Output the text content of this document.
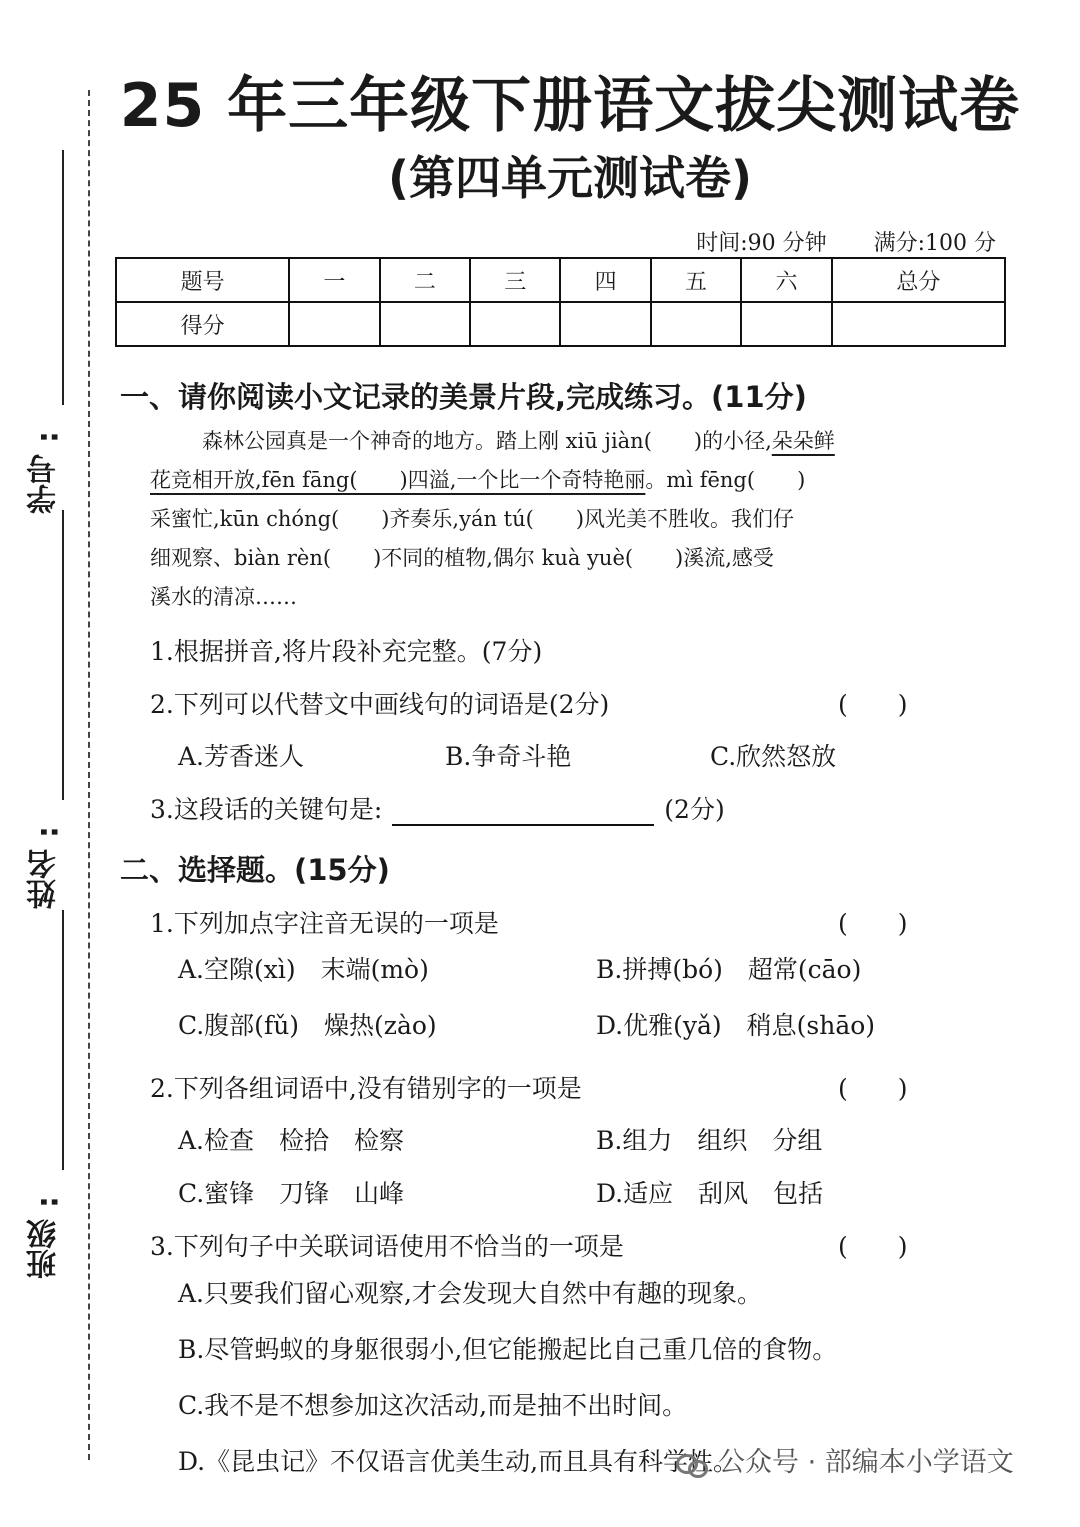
:
学号
:
姓名
:
班级
25 年三年级下册语文拔尖测试卷
(第四单元测试卷)
时间:90 分钟 满分:100 分
题号	一	二	三	四	五	六	总分
得分							
一、请你阅读小文记录的美景片段,完成练习。(11分)
森林公园真是一个神奇的地方。踏上刚 xiū jiàn(　　)的小径,朵朵鲜
花竞相开放,fēn fāng(　　)四溢,一个比一个奇特艳丽。mì fēng(　　)
采蜜忙,kūn chóng(　　)齐奏乐,yán tú(　　)风光美不胜收。我们仔
细观察、biàn rèn(　　)不同的植物,偶尔 kuà yuè(　　)溪流,感受
溪水的清凉……
1.根据拼音,将片段补充完整。(7分)
2.下列可以代替文中画线句的词语是(2分)	(　　)
A.芳香迷人	B.争奇斗艳	C.欣然怒放
3.这段话的关键句是:	(2分)
二、选择题。(15分)
1.下列加点字注音无误的一项是	(　　)
A.空隙(xì)　末端(mò)	B.拼搏(bó)　超常(cāo)
C.腹部(fǔ)　燥热(zào)	D.优雅(yǎ)　稍息(shāo)
2.下列各组词语中,没有错别字的一项是	(　　)
A.检查　检拾　检察	B.组力　组织　分组
C.蜜锋　刀锋　山峰	D.适应　刮风　包括
3.下列句子中关联词语使用不恰当的一项是	(　　)
A.只要我们留心观察,才会发现大自然中有趣的现象。
B.尽管蚂蚁的身躯很弱小,但它能搬起比自己重几倍的食物。
C.我不是不想参加这次活动,而是抽不出时间。
D.《昆虫记》不仅语言优美生动,而且具有科学性。
公众号 · 部编本小学语文
